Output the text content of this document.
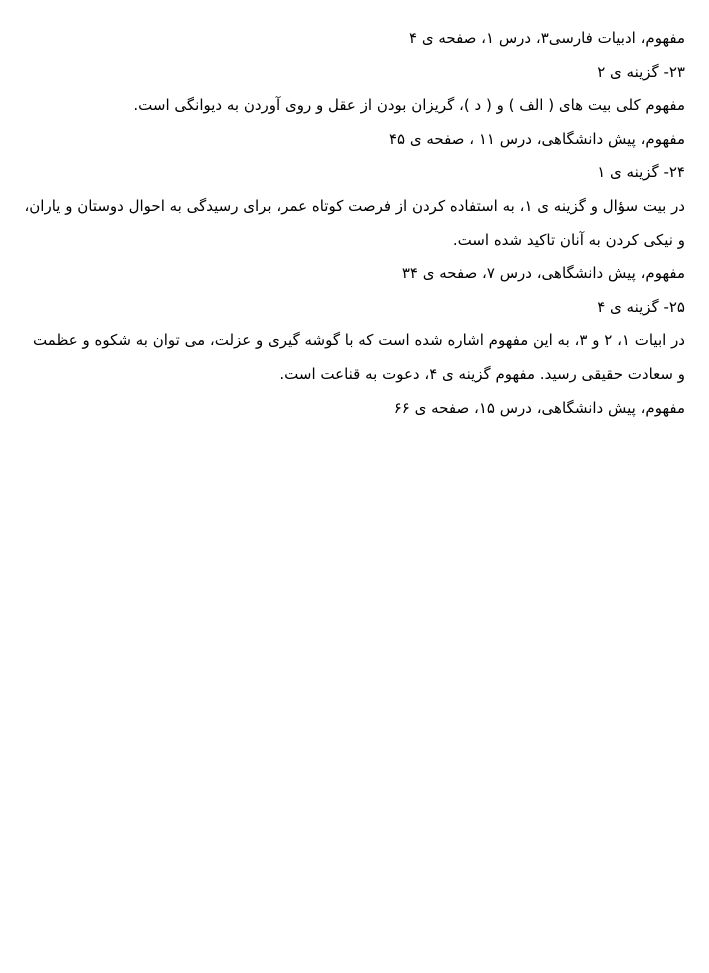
مفهوم، ادبیات فارسی۳، درس ۱، صفحه ی ۴
۲۳- گزینه ی ۲
مفهوم کلی بیت های ( الف ) و ( د )، گریزان بودن از عقل و روی آوردن به دیوانگی است.
مفهوم، پیش دانشگاهی، درس ۱۱ ، صفحه ی ۴۵
۲۴- گزینه ی ۱
در بیت سؤال و گزینه ی ۱، به استفاده کردن از فرصت کوتاه عمر، برای رسیدگی به احوال دوستان و یاران، و نیکی کردن به آنان تاکید شده است.
مفهوم، پیش دانشگاهی، درس ۷، صفحه ی ۳۴
۲۵- گزینه ی ۴
در ابیات ۱، ۲ و ۳، به این مفهوم اشاره شده است که با گوشه گیری و عزلت، می توان به شکوه و عظمت و سعادت حقیقی رسید. مفهوم گزینه ی ۴، دعوت به قناعت است.
مفهوم، پیش دانشگاهی، درس ۱۵، صفحه ی ۶۶
